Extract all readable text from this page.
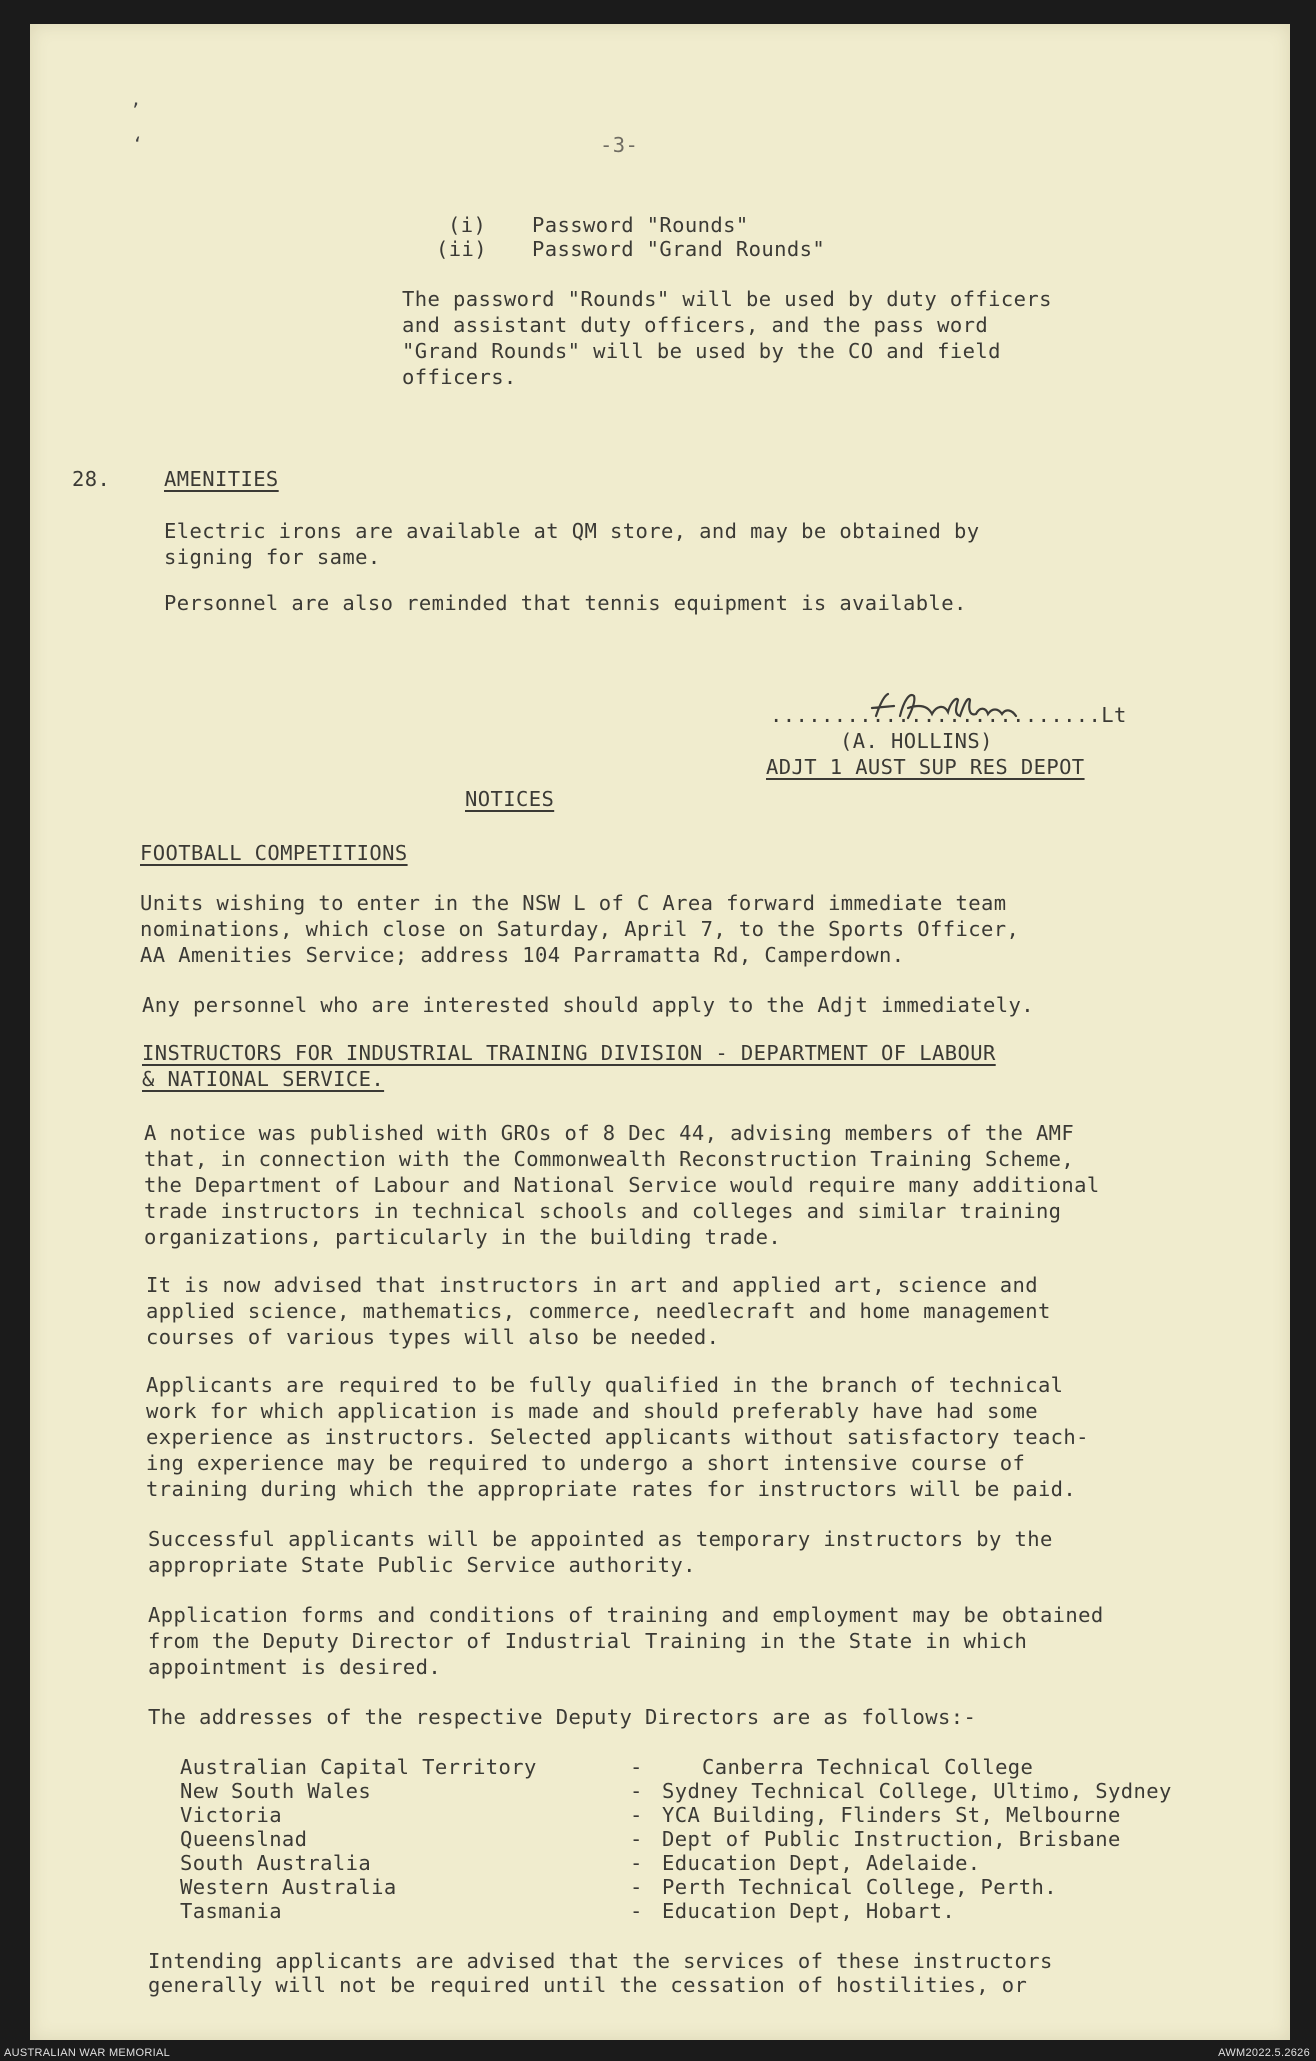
’
‘	-3-
(i) Password "Rounds"
(ii) Password "Grand Rounds"
The password "Rounds" will be used by duty officers
and assistant duty officers, and the pass word
"Grand Rounds" will be used by the CO and field
officers.
28.	AMENITIES
Electric irons are available at QM store, and may be obtained by
signing for same.
Personnel are also reminded that tennis equipment is available.
..........................Lt
(A. HOLLINS)
ADJT 1 AUST SUP RES DEPOT
NOTICES
FOOTBALL COMPETITIONS
Units wishing to enter in the NSW L of C Area forward immediate team
nominations, which close on Saturday, April 7, to the Sports Officer,
AA Amenities Service; address 104 Parramatta Rd, Camperdown.
Any personnel who are interested should apply to the Adjt immediately.
INSTRUCTORS FOR INDUSTRIAL TRAINING DIVISION - DEPARTMENT OF LABOUR
& NATIONAL SERVICE.
A notice was published with GROs of 8 Dec 44, advising members of the AMF
that, in connection with the Commonwealth Reconstruction Training Scheme,
the Department of Labour and National Service would require many additional
trade instructors in technical schools and colleges and similar training
organizations, particularly in the building trade.
It is now advised that instructors in art and applied art, science and
applied science, mathematics, commerce, needlecraft and home management
courses of various types will also be needed.
Applicants are required to be fully qualified in the branch of technical
work for which application is made and should preferably have had some
experience as instructors. Selected applicants without satisfactory teach-
ing experience may be required to undergo a short intensive course of
training during which the appropriate rates for instructors will be paid.
Successful applicants will be appointed as temporary instructors by the
appropriate State Public Service authority.
Application forms and conditions of training and employment may be obtained
from the Deputy Director of Industrial Training in the State in which
appointment is desired.
The addresses of the respective Deputy Directors are as follows:-
Australian Capital Territory	-	Canberra Technical College
New South Wales	- Sydney Technical College, Ultimo, Sydney
Victoria	- YCA Building, Flinders St, Melbourne
Queenslnad	- Dept of Public Instruction, Brisbane
South Australia	- Education Dept, Adelaide.
Western Australia	- Perth Technical College, Perth.
Tasmania	- Education Dept, Hobart.
Intending applicants are advised that the services of these instructors
generally will not be required until the cessation of hostilities, or
AUSTRALIAN WAR MEMORIAL	AWM2022.5.2626
